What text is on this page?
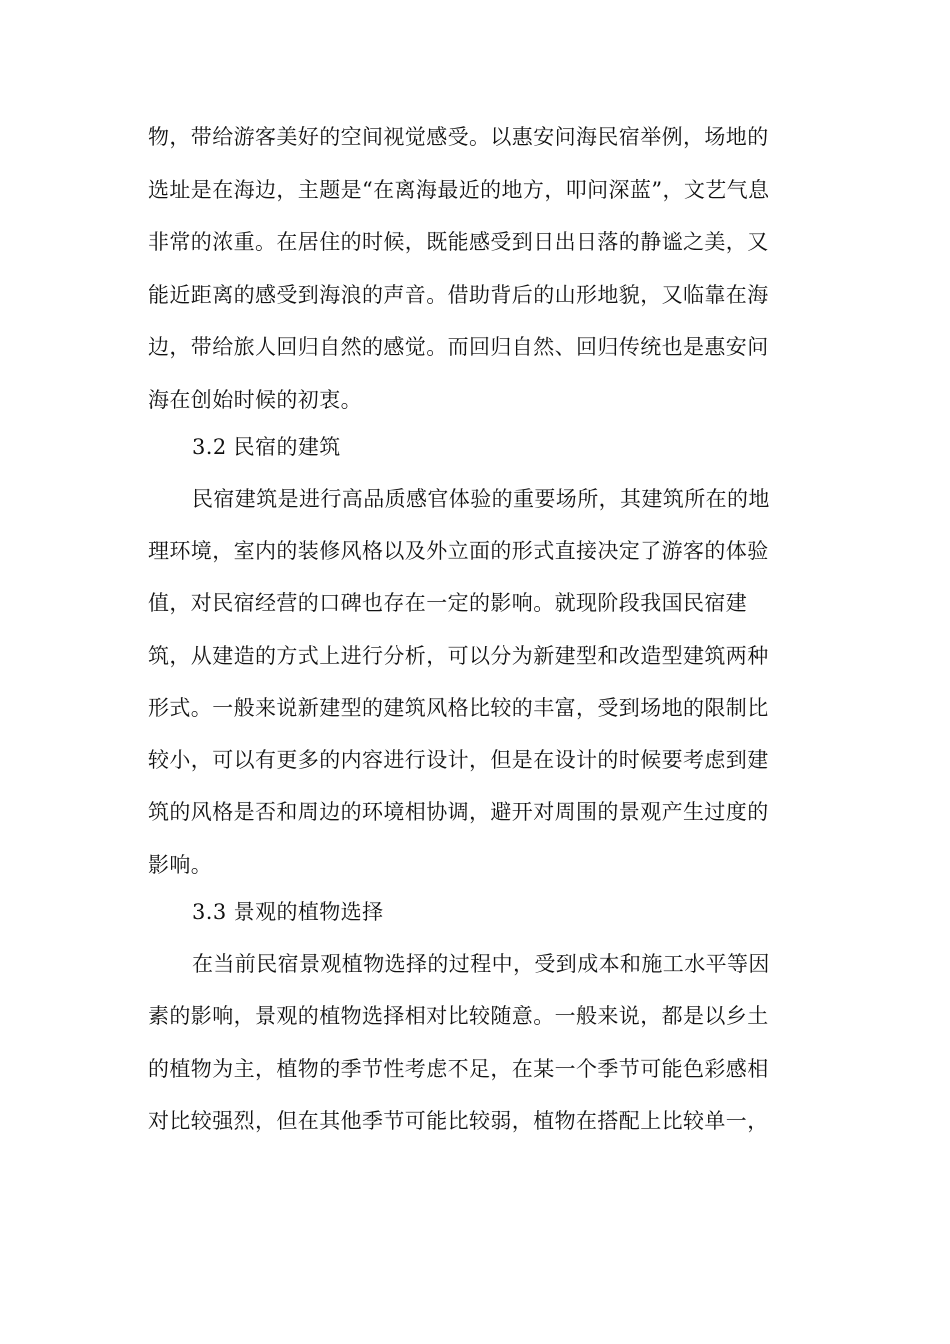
物，带给游客美好的空间视觉感受。以惠安问海民宿举例，场地的
选址是在海边，主题是“在离海最近的地方，叩问深蓝”，文艺气息
非常的浓重。在居住的时候，既能感受到日出日落的静谧之美，又
能近距离的感受到海浪的声音。借助背后的山形地貌，又临靠在海
边，带给旅人回归自然的感觉。而回归自然、回归传统也是惠安问
海在创始时候的初衷。
3.2 民宿的建筑
民宿建筑是进行高品质感官体验的重要场所，其建筑所在的地
理环境，室内的装修风格以及外立面的形式直接决定了游客的体验
值，对民宿经营的口碑也存在一定的影响。就现阶段我国民宿建
筑，从建造的方式上进行分析，可以分为新建型和改造型建筑两种
形式。一般来说新建型的建筑风格比较的丰富，受到场地的限制比
较小，可以有更多的内容进行设计，但是在设计的时候要考虑到建
筑的风格是否和周边的环境相协调，避开对周围的景观产生过度的
影响。
3.3 景观的植物选择
在当前民宿景观植物选择的过程中，受到成本和施工水平等因
素的影响，景观的植物选择相对比较随意。一般来说，都是以乡土
的植物为主，植物的季节性考虑不足，在某一个季节可能色彩感相
对比较强烈，但在其他季节可能比较弱，植物在搭配上比较单一，
